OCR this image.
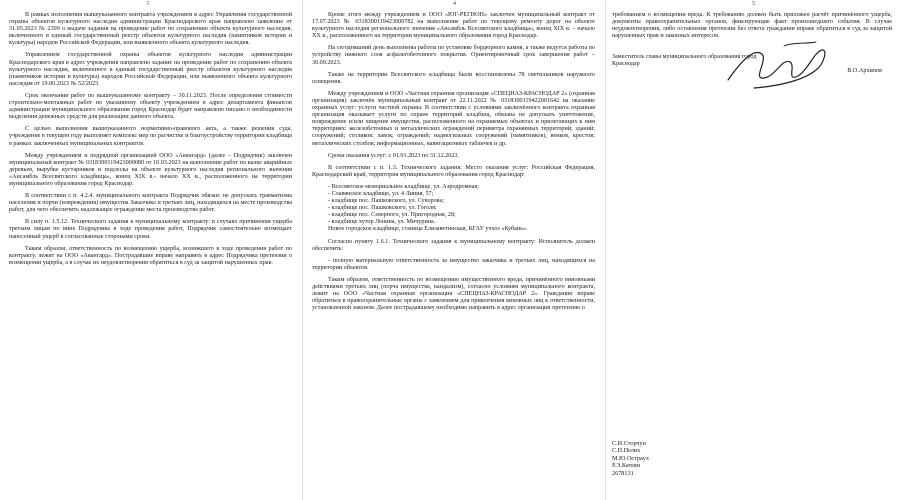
3

В рамках исполнения вышеуказанного контракта учреждением в адрес Управления государственной охраны объектов культурного наследия администрации Краснодарского края направлено заявление от 31.05.2023 № 2399 о выдаче задания на проведение работ по сохранению объекта культурного наследия, включенного в единый государственный реестр объектов культурного наследия (памятников истории и культуры) народов Российской Федерации, или выявленного объекта культурного наследия.

Управлением государственной охраны объектов культурного наследия администрации Краснодарского края в адрес учреждения направлено задание на проведение работ по сохранению объекта культурного наследия, включенного в единый государственный реестр объектов культурного наследия (памятников истории и культуры) народов Российской Федерации, или выявленного объекта культурного наследия от 19.06.2023 № 52/2023.

Срок окончания работ по вышеуказанному контракту – 30.11.2023. После определения стоимости строительно-монтажных работ по указанному объекту учреждением в адрес департамента финансов администрации муниципального образования город Краснодар будет направлено письмо о необходимости выделения денежных средств для реализации данного объекта.

С целью выполнения вышеуказанного нормативно-правового акта, а также решения суда, учреждение в текущем году выполняет комплекс мер по расчистке и благоустройству территории кладбища в рамках заключенных муниципальных контрактов.

Между учреждением и подрядной организацией ООО «Авангард» (далее – Подрядчик) заключен муниципальный контракт № 0318300119423000080 от 10.03.2023 на выполнение работ по валке аварийных деревьев, вырубке кустарников и подлеска на объекте культурного наследия регионального значения «Ансамбль Всесвятского кладбища», конец XIX в.- начало XX в., расположенного на территории муниципального образования город Краснодар.

В соответствии с п. 4.2.4. муниципального контракта Подрядчик обязан: не допускать травматизма населения и порчи (повреждения) имущества Заказчика и третьих лиц, находящихся на месте производства работ, для чего обеспечить надлежащее ограждение места производства работ.

В силу п. 1.5.12. Технического задания к муниципальному контракту: в случаях причинения ущерба третьим лицам по вине Подрядчика в ходе проведения работ, Подрядчик самостоятельно возмещает нанесенный ущерб в согласованные сторонами сроки.

Таким образом, ответственность по возмещению ущерба, возникшего в ходе проведения работ по контракту, лежит на ООО «Авангард». Пострадавшие вправе направить в адрес Подрядчика претензии о возмещении ущерба, а в случае их неудовлетворения обратиться в суд за защитой нарушенных прав.

4

Кроме этого между учреждением и ООО «ЮГ-РЕГИОН» заключен муниципальный контракт от 17.07.2023 № 0318300119423000782 на выполнение работ по текущему ремонту дорог на объекте культурного наследия регионального значения «Ансамбль Всесвятского кладбища», конец XIX в. – начало XX в., расположенного на территории муниципального образования город Краснодар.

На сегодняшний день выполнены работы по установке бордюрного камня, а также ведутся работы по устройству нижнего слоя асфальтобетонного покрытия. Ориентировочный срок завершения работ – 30.09.2023.

Также на территории Всесвятского кладбища были восстановлены 78 светильников наружного освещения.

Между учреждением и ООО «Частная охранная организация «СПЕЦНАЗ-КРАСНОДАР 2» (охранная организация) заключён муниципальный контракт от 22.11.2022 № 0318300119422001642 на оказание охранных услуг: услуги частной охраны. В соответствии с условиями заключённого контракта охранная организация оказывает услуги по охране территорий кладбищ, обязана не допускать уничтожение, повреждение и/или хищение имущества, расположенного на охраняемых объектах и прилегающих к ним территориях: железобетонных и металлических ограждений периметра охраняемых территорий; зданий; сооружений; столиков; лавок; ограждений; надмогильных сооружений (памятников), венков, крестов; металлических столбов; информационных, навигационных табличек и др.

Сроки оказания услуг: с 01.01.2023 по 31.12.2023.

В соответствии с п. 1.3. Технического задания: Место оказания услуг: Российская Федерация, Краснодарский край, территория муниципального образования город Краснодар:

- Всесвятское мемориальное кладбище, ул. Аэродромная;

- Славянское кладбище, ул. 4 Линия, 57;

- кладбище пос. Пашковского, ул. Суворова;

- кладбище пос. Пашковского, ул. Гоголя;

- кладбище пос. Северного, ул. Пригородная, 28;

- кладбище хутор Ленина, ул. Мичурина.

Новое городское кладбище, станица Елизаветинская, КГАУ учхоз «Кубань».

Согласно пункту 1.6.1. Технического задания к муниципальному контракту: Исполнитель должен обеспечить:

- полную материальную ответственность за имущество заказчика и третьих лиц, находящихся на территории объектов.

Таким образом, ответственность по возмещению имущественного вреда, причинённого виновными действиями третьих лиц (порча имущества, вандализм), согласно условиям муниципального контракта, лежит на ООО «Частная охранная организация «СПЕЦНАЗ-КРАСНОДАР 2». Гражданин вправе обратиться в правоохранительные органы с заявлением для привлечения виновных лиц к ответственности, установленной законом. Далее пострадавшему необходимо направить в адрес организации претензию о

5

требованием о возмещении вреда. К требованию должен быть приложен расчёт причинённого ущерба, документы правоохранительных органов, фиксирующие факт произошедшего события. В случае неудовлетворения, либо оставления претензии без ответа гражданин вправе обратиться в суд за защитой нарушенных прав и законных интересов.

Заместитель главы муниципального образования город Краснодар
В.О.Архипов
С.И.Сторчун
С.П.Пелих
М.Ю.Острaух
Р.Э.Катеян
2678131
